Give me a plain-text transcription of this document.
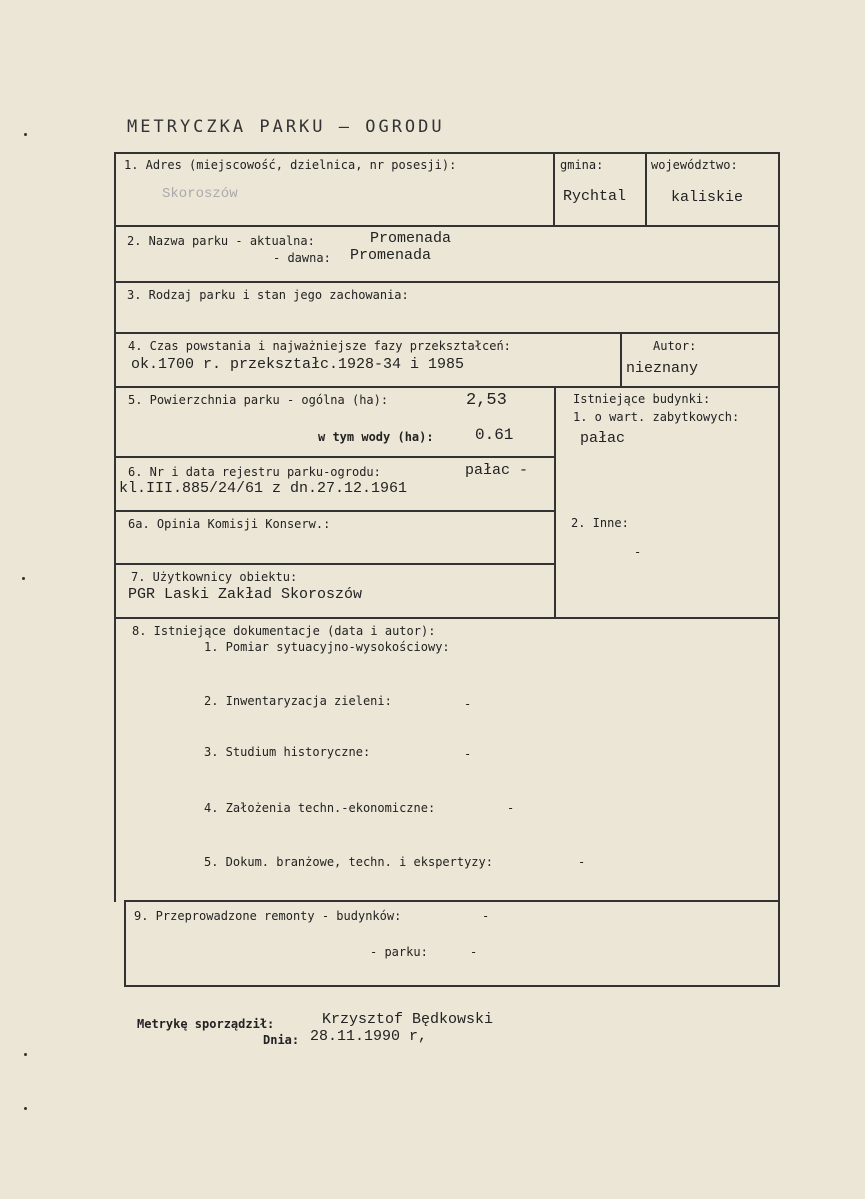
METRYCZKA PARKU — OGRODU
1. Adres (miejscowość, dzielnica, nr posesji):
Skoroszów
gmina:
Rychtal
województwo:
kaliskie
2. Nazwa parku - aktualna:	Promenada
- dawna: Promenada
3. Rodzaj parku i stan jego zachowania:
4. Czas powstania i najważniejsze fazy przekształceń:
ok.1700 r. przekształc.1928-34 i 1985
Autor:
nieznany
5. Powierzchnia parku - ogólna (ha):	2,53
w tym wody (ha):	0.61
Istniejące budynki:
1. o wart. zabytkowych:
pałac
2. Inne:
-
6. Nr i data rejestru parku-ogrodu:	pałac -
kl.III.885/24/61 z dn.27.12.1961
6a. Opinia Komisji Konserw.:
7. Użytkownicy obiektu:
PGR Laski Zakład Skoroszów
8. Istniejące dokumentacje (data i autor):
1. Pomiar sytuacyjno-wysokościowy:
2. Inwentaryzacja zieleni:	-
3. Studium historyczne:	-
4. Założenia techn.-ekonomiczne:	-
5. Dokum. branżowe, techn. i ekspertyzy:	-
9. Przeprowadzone remonty - budynków:	-
- parku:	-
Metrykę sporządził:	Krzysztof Będkowski
Dnia: 28.11.1990 r,
